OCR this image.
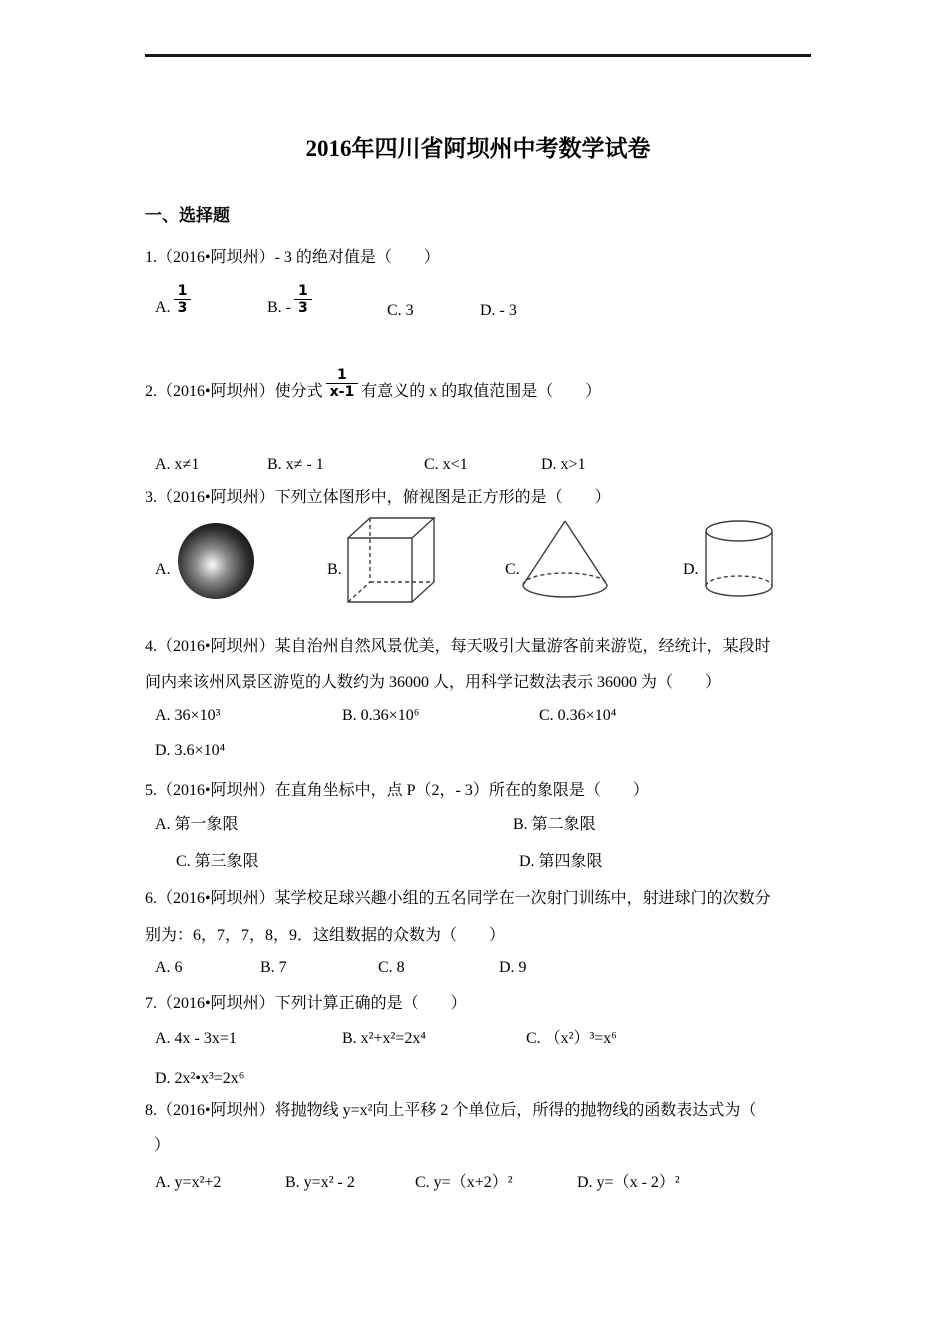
2016年四川省阿坝州中考数学试卷
一、选择题
1.（2016•阿坝州）- 3 的绝对值是（        ）
A. $\frac{1}{3}$	B. - $\frac{1}{3}$	C. 3	D. - 3
2.（2016•阿坝州）使分式 $\frac{1}{x-1}$ 有意义的 x 的取值范围是（        ）
A. x≠1	B. x≠ - 1	C. x<1	D. x>1
3.（2016•阿坝州）下列立体图形中，俯视图是正方形的是（        ）
A.	B.	C.	D.
4.（2016•阿坝州）某自治州自然风景优美，每天吸引大量游客前来游览，经统计，某段时
间内来该州风景区游览的人数约为 36000 人，用科学记数法表示 36000 为（        ）
A. 36×10³	B. 0.36×10⁶	C. 0.36×10⁴
D. 3.6×10⁴
5.（2016•阿坝州）在直角坐标中，点 P（2，- 3）所在的象限是（        ）
A. 第一象限	B. 第二象限
C. 第三象限	D. 第四象限
6.（2016•阿坝州）某学校足球兴趣小组的五名同学在一次射门训练中，射进球门的次数分
别为：6，7，7，8，9．这组数据的众数为（        ）
A. 6	B. 7	C. 8	D. 9
7.（2016•阿坝州）下列计算正确的是（        ）
A. 4x - 3x=1	B. x²+x²=2x⁴	C. （x²）³=x⁶
D. 2x²•x³=2x⁶
8.（2016•阿坝州）将抛物线 y=x²向上平移 2 个单位后，所得的抛物线的函数表达式为（
）
A. y=x²+2	B. y=x² - 2	C. y=（x+2）²	D. y=（x - 2）²
